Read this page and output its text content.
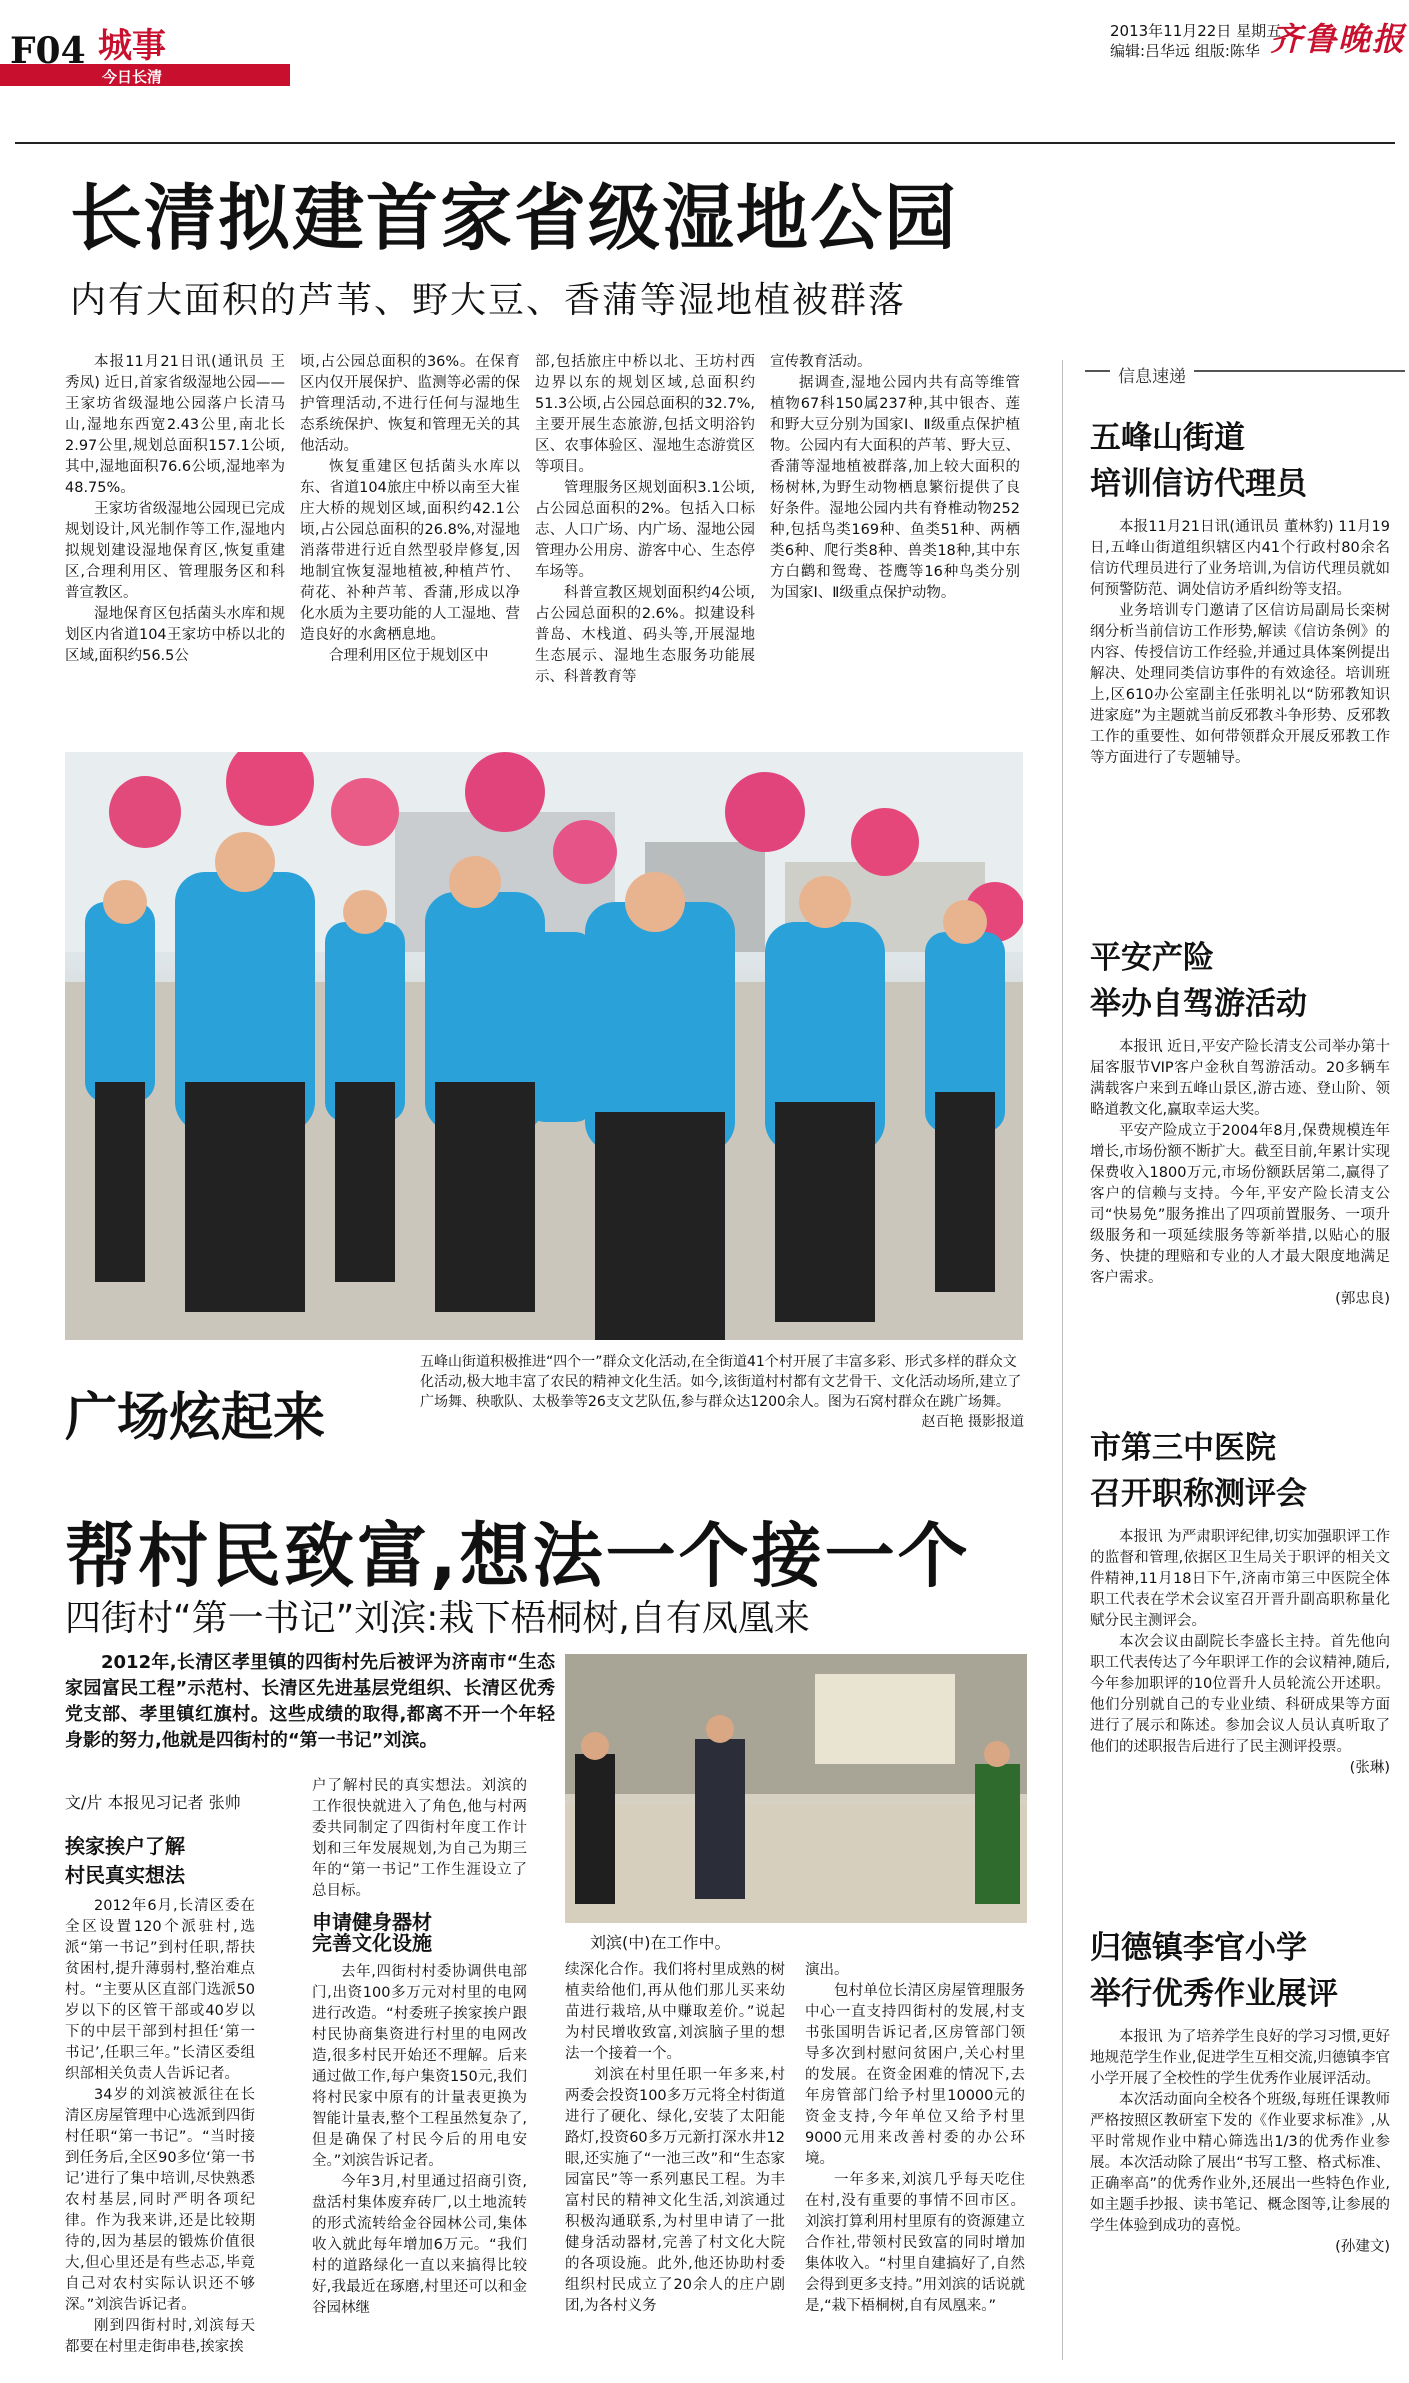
F04 城事
今日长清
2013年11月22日 星期五
编辑:吕华远 组版:陈华 齐鲁晚报
长清拟建首家省级湿地公园
内有大面积的芦苇、野大豆、香蒲等湿地植被群落

本报11月21日讯(通讯员 王秀凤) 近日,首家省级湿地公园——王家坊省级湿地公园落户长清马山,湿地东西宽2.43公里,南北长2.97公里,规划总面积157.1公顷,其中,湿地面积76.6公顷,湿地率为48.75%。

王家坊省级湿地公园现已完成规划设计,风光制作等工作,湿地内拟规划建设湿地保育区,恢复重建区,合理利用区、管理服务区和科普宣教区。

湿地保育区包括菌头水库和规划区内省道104王家坊中桥以北的区域,面积约56.5公

顷,占公园总面积的36%。在保育区内仅开展保护、监测等必需的保护管理活动,不进行任何与湿地生态系统保护、恢复和管理无关的其他活动。

恢复重建区包括菌头水库以东、省道104旅庄中桥以南至大崔庄大桥的规划区域,面积约42.1公顷,占公园总面积的26.8%,对湿地消落带进行近自然型驳岸修复,因地制宜恢复湿地植被,种植芦竹、荷花、补种芦苇、香蒲,形成以净化水质为主要功能的人工湿地、营造良好的水禽栖息地。

合理利用区位于规划区中

部,包括旅庄中桥以北、王坊村西边界以东的规划区域,总面积约51.3公顷,占公园总面积的32.7%,主要开展生态旅游,包括文明浴钓区、农事体验区、湿地生态游赏区等项目。

管理服务区规划面积3.1公顷,占公园总面积的2%。包括入口标志、人口广场、内广场、湿地公园管理办公用房、游客中心、生态停车场等。

科普宣教区规划面积约4公顷,占公园总面积的2.6%。拟建设科普岛、木栈道、码头等,开展湿地生态展示、湿地生态服务功能展示、科普教育等

宣传教育活动。

据调查,湿地公园内共有高等维管植物67科150属237种,其中银杏、莲和野大豆分别为国家Ⅰ、Ⅱ级重点保护植物。公园内有大面积的芦苇、野大豆、香蒲等湿地植被群落,加上较大面积的杨树林,为野生动物栖息繁衍提供了良好条件。湿地公园内共有脊椎动物252种,包括鸟类169种、鱼类51种、两栖类6种、爬行类8种、兽类18种,其中东方白鹳和鸳鸯、苍鹰等16种鸟类分别为国家Ⅰ、Ⅱ级重点保护动物。

广场炫起来
五峰山街道积极推进“四个一”群众文化活动,在全街道41个村开展了丰富多彩、形式多样的群众文化活动,极大地丰富了农民的精神文化生活。如今,该街道村村都有文艺骨干、文化活动场所,建立了广场舞、秧歌队、太极拳等26支文艺队伍,参与群众达1200余人。图为石窝村群众在跳广场舞。
赵百艳 摄影报道
帮村民致富,想法一个接一个
四街村“第一书记”刘滨:栽下梧桐树,自有凤凰来
2012年,长清区孝里镇的四街村先后被评为济南市“生态家园富民工程”示范村、长清区先进基层党组织、长清区优秀党支部、孝里镇红旗村。这些成绩的取得,都离不开一个年轻身影的努力,他就是四街村的“第一书记”刘滨。
文/片 本报见习记者 张帅
刘滨(中)在工作中。
挨家挨户了解
村民真实想法

2012年6月,长清区委在全区设置120个派驻村,选派“第一书记”到村任职,帮扶贫困村,提升薄弱村,整治难点村。“主要从区直部门选派50岁以下的区管干部或40岁以下的中层干部到村担任‘第一书记’,任职三年。”长清区委组织部相关负责人告诉记者。

34岁的刘滨被派往在长清区房屋管理中心选派到四街村任职“第一书记”。“当时接到任务后,全区90多位‘第一书记’进行了集中培训,尽快熟悉农村基层,同时严明各项纪律。作为我来讲,还是比较期待的,因为基层的锻炼价值很大,但心里还是有些忐忑,毕竟自己对农村实际认识还不够深。”刘滨告诉记者。

刚到四街村时,刘滨每天都要在村里走街串巷,挨家挨

户了解村民的真实想法。刘滨的工作很快就进入了角色,他与村两委共同制定了四街村年度工作计划和三年发展规划,为自己为期三年的“第一书记”工作生涯设立了总目标。

申请健身器材
完善文化设施

去年,四街村村委协调供电部门,出资100多万元对村里的电网进行改造。“村委班子挨家挨户跟村民协商集资进行村里的电网改造,很多村民开始还不理解。后来通过做工作,每户集资150元,我们将村民家中原有的计量表更换为智能计量表,整个工程虽然复杂了,但是确保了村民今后的用电安全。”刘滨告诉记者。

今年3月,村里通过招商引资,盘活村集体废弃砖厂,以土地流转的形式流转给金谷园林公司,集体收入就此每年增加6万元。“我们村的道路绿化一直以来搞得比较好,我最近在琢磨,村里还可以和金谷园林继

续深化合作。我们将村里成熟的树植卖给他们,再从他们那儿买来幼苗进行栽培,从中赚取差价。”说起为村民增收致富,刘滨脑子里的想法一个接着一个。

刘滨在村里任职一年多来,村两委会投资100多万元将全村街道进行了硬化、绿化,安装了太阳能路灯,投资60多万元新打深水井12眼,还实施了“一池三改”和“生态家园富民”等一系列惠民工程。为丰富村民的精神文化生活,刘滨通过积极沟通联系,为村里申请了一批健身活动器材,完善了村文化大院的各项设施。此外,他还协助村委组织村民成立了20余人的庄户剧团,为各村义务

演出。

包村单位长清区房屋管理服务中心一直支持四街村的发展,村支书张国明告诉记者,区房管部门领导多次到村慰问贫困户,关心村里的发展。在资金困难的情况下,去年房管部门给予村里10000元的资金支持,今年单位又给予村里9000元用来改善村委的办公环境。

一年多来,刘滨几乎每天吃住在村,没有重要的事情不回市区。刘滨打算利用村里原有的资源建立合作社,带领村民致富的同时增加集体收入。“村里自建搞好了,自然会得到更多支持。”用刘滨的话说就是,“栽下梧桐树,自有凤凰来。”

信息速递
五峰山街道
培训信访代理员

本报11月21日讯(通讯员 董林豹) 11月19日,五峰山街道组织辖区内41个行政村80余名信访代理员进行了业务培训,为信访代理员就如何预警防范、调处信访矛盾纠纷等支招。

业务培训专门邀请了区信访局副局长栾树纲分析当前信访工作形势,解读《信访条例》的内容、传授信访工作经验,并通过具体案例提出解决、处理同类信访事件的有效途径。培训班上,区610办公室副主任张明礼以“防邪教知识进家庭”为主题就当前反邪教斗争形势、反邪教工作的重要性、如何带领群众开展反邪教工作等方面进行了专题辅导。

平安产险
举办自驾游活动

本报讯 近日,平安产险长清支公司举办第十届客服节VIP客户金秋自驾游活动。20多辆车满载客户来到五峰山景区,游古迹、登山阶、领略道教文化,赢取幸运大奖。

平安产险成立于2004年8月,保费规模连年增长,市场份额不断扩大。截至目前,年累计实现保费收入1800万元,市场份额跃居第二,赢得了客户的信赖与支持。今年,平安产险长清支公司“快易免”服务推出了四项前置服务、一项升级服务和一项延续服务等新举措,以贴心的服务、快捷的理赔和专业的人才最大限度地满足客户需求。

(郭忠良)
市第三中医院
召开职称测评会

本报讯 为严肃职评纪律,切实加强职评工作的监督和管理,依据区卫生局关于职评的相关文件精神,11月18日下午,济南市第三中医院全体职工代表在学术会议室召开晋升副高职称量化赋分民主测评会。

本次会议由副院长李盛长主持。首先他向职工代表传达了今年职评工作的会议精神,随后,今年参加职评的10位晋升人员轮流公开述职。他们分别就自己的专业业绩、科研成果等方面进行了展示和陈述。参加会议人员认真听取了他们的述职报告后进行了民主测评投票。

(张琳)
归德镇李官小学
举行优秀作业展评

本报讯 为了培养学生良好的学习习惯,更好地规范学生作业,促进学生互相交流,归德镇李官小学开展了全校性的学生优秀作业展评活动。

本次活动面向全校各个班级,每班任课教师严格按照区教研室下发的《作业要求标准》,从平时常规作业中精心筛选出1/3的优秀作业参展。本次活动除了展出“书写工整、格式标准、正确率高”的优秀作业外,还展出一些特色作业,如主题手抄报、读书笔记、概念图等,让参展的学生体验到成功的喜悦。

(孙建文)
